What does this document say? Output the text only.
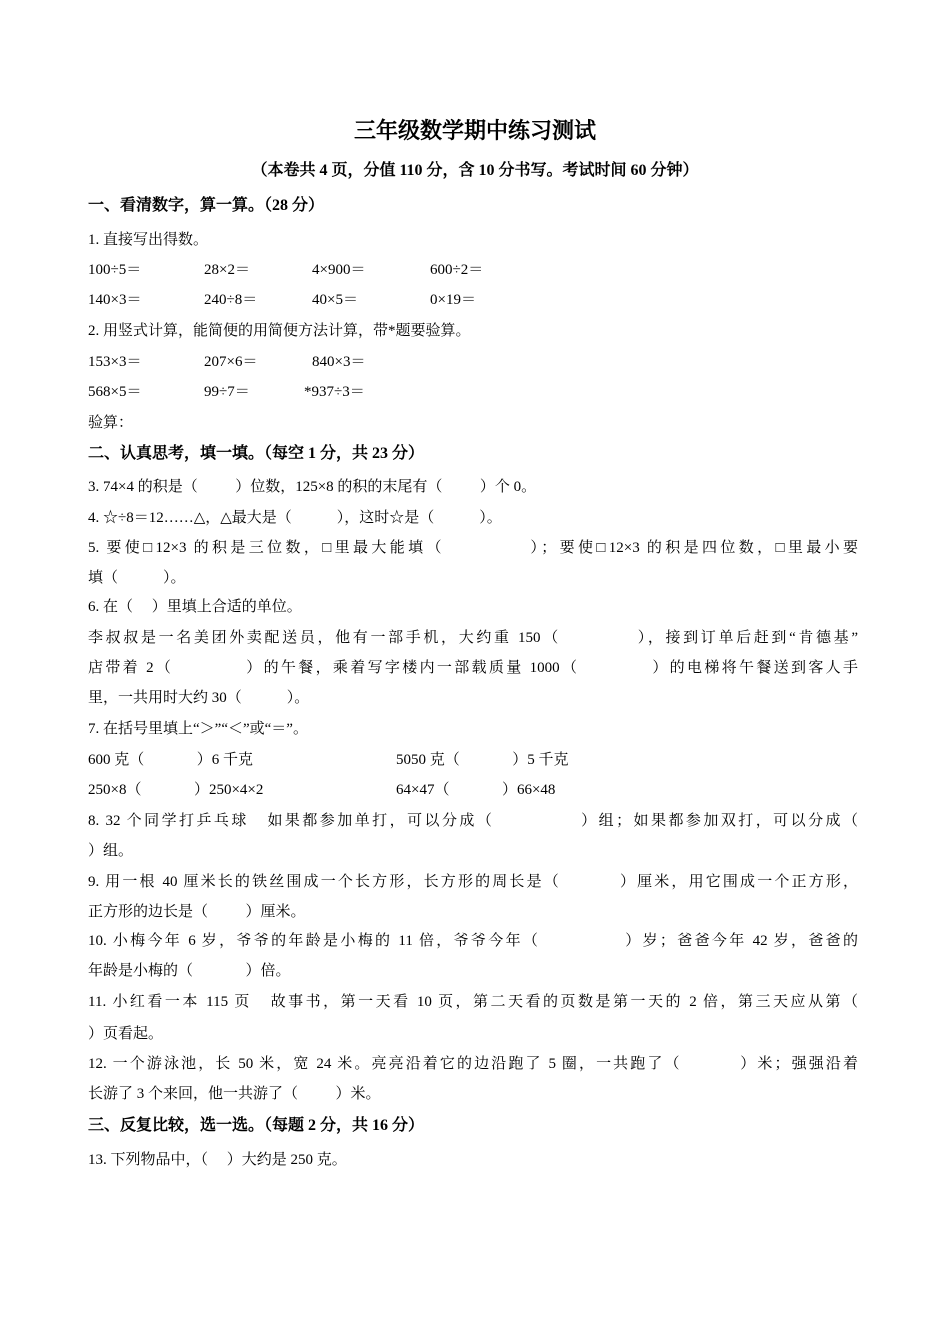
三年级数学期中练习测试
（本卷共 4 页，分值 110 分，含 10 分书写。考试时间 60 分钟）
一、看清数字，算一算。（28 分）
1. 直接写出得数。
100÷5＝	28×2＝	4×900＝	600÷2＝
140×3＝	240÷8＝	40×5＝	0×19＝
2. 用竖式计算，能简便的用简便方法计算，带*题要验算。
153×3＝	207×6＝	840×3＝
568×5＝	99÷7＝	*937÷3＝
验算：
二、认真思考，填一填。（每空 1 分，共 23 分）
3. 74×4 的积是（          ）位数，125×8 的积的末尾有（          ）个 0。
4. ☆÷8＝12……△，△最大是（            ），这时☆是（            ）。
5. 要使□12×3 的积是三位数，□里最大能填（            ）；要使□12×3 的积是四位数，□里最小要
填（            ）。
6. 在（     ）里填上合适的单位。
李叔叔是一名美团外卖配送员，他有一部手机，大约重 150（            ），接到订单后赶到“肯德基”
店带着 2（            ）的午餐，乘着写字楼内一部载质量 1000（            ）的电梯将午餐送到客人手
里，一共用时大约 30（            ）。
7. 在括号里填上“＞”“＜”或“＝”。
600 克（              ）6 千克	5050 克（              ）5 千克
250×8（              ）250×4×2	64×47（              ）66×48
8. 32 个同学打乒乓球   如果都参加单打，可以分成（              ）组；如果都参加双打，可以分成（
）组。
9. 用一根 40 厘米长的铁丝围成一个长方形，长方形的周长是（          ）厘米，用它围成一个正方形，
正方形的边长是（          ）厘米。
10. 小梅今年 6 岁，爷爷的年龄是小梅的 11 倍，爷爷今年（              ）岁；爸爸今年 42 岁，爸爸的
年龄是小梅的（              ）倍。
11. 小红看一本 115 页   故事书，第一天看 10 页，第二天看的页数是第一天的 2 倍，第三天应从第（
）页看起。
12. 一个游泳池，长 50 米，宽 24 米。亮亮沿着它的边沿跑了 5 圈，一共跑了（          ）米；强强沿着
长游了 3 个来回，他一共游了（          ）米。
三、反复比较，选一选。（每题 2 分，共 16 分）
13. 下列物品中，（     ）大约是 250 克。
